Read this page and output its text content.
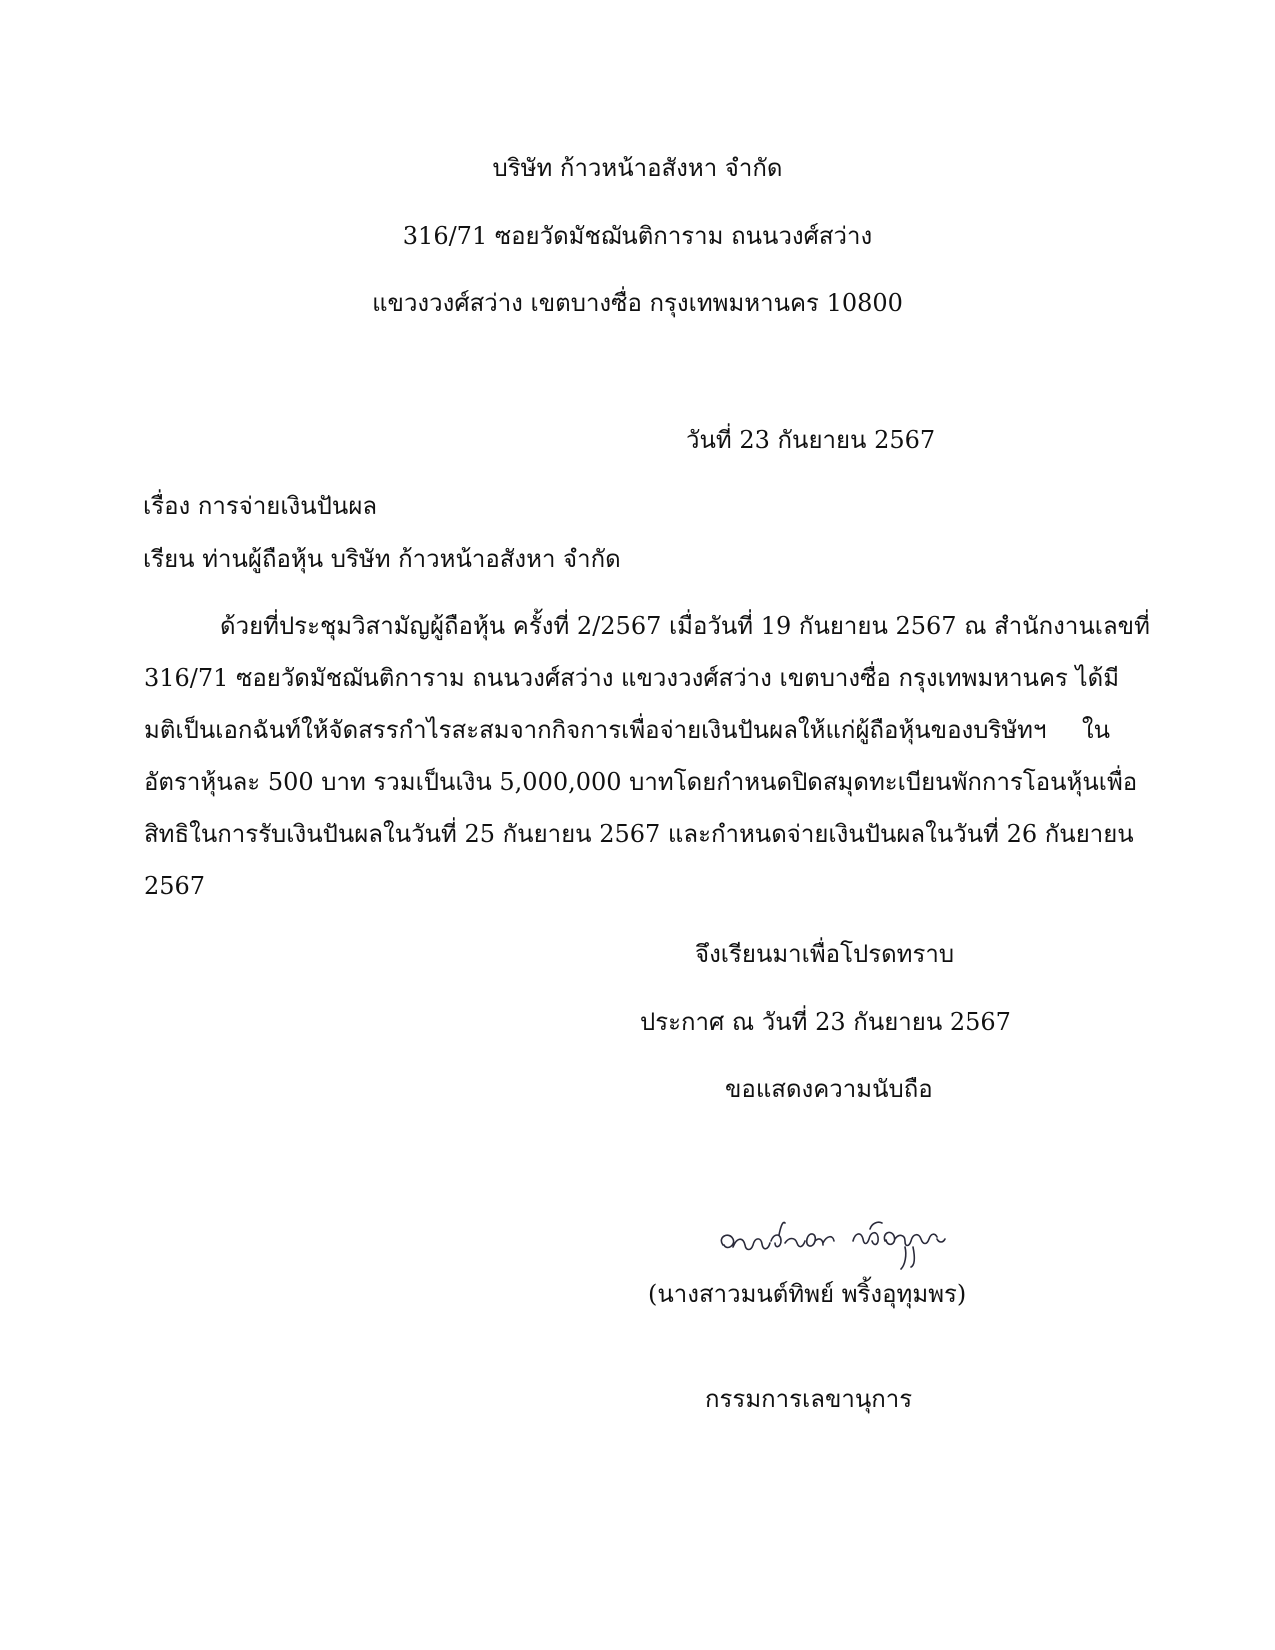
บริษัท ก้าวหน้าอสังหา จำกัด
316/71 ซอยวัดมัชฌันติการาม ถนนวงศ์สว่าง
แขวงวงศ์สว่าง เขตบางซื่อ กรุงเทพมหานคร 10800
วันที่ 23 กันยายน 2567
เรื่อง การจ่ายเงินปันผล
เรียน ท่านผู้ถือหุ้น บริษัท ก้าวหน้าอสังหา จำกัด
ด้วยที่ประชุมวิสามัญผู้ถือหุ้น ครั้งที่ 2/2567 เมื่อวันที่ 19 กันยายน 2567 ณ สำนักงานเลขที่
316/71 ซอยวัดมัชฌันติการาม ถนนวงศ์สว่าง แขวงวงศ์สว่าง เขตบางซื่อ กรุงเทพมหานคร ได้มี
มติเป็นเอกฉันท์ให้จัดสรรกำไรสะสมจากกิจการเพื่อจ่ายเงินปันผลให้แก่ผู้ถือหุ้นของบริษัทฯ ใน
อัตราหุ้นละ 500 บาท รวมเป็นเงิน 5,000,000 บาทโดยกำหนดปิดสมุดทะเบียนพักการโอนหุ้นเพื่อ
สิทธิในการรับเงินปันผลในวันที่ 25 กันยายน 2567 และกำหนดจ่ายเงินปันผลในวันที่ 26 กันยายน
2567
จึงเรียนมาเพื่อโปรดทราบ
ประกาศ ณ วันที่ 23 กันยายน 2567
ขอแสดงความนับถือ
(นางสาวมนต์ทิพย์ พริ้งอุทุมพร)
กรรมการเลขานุการ
